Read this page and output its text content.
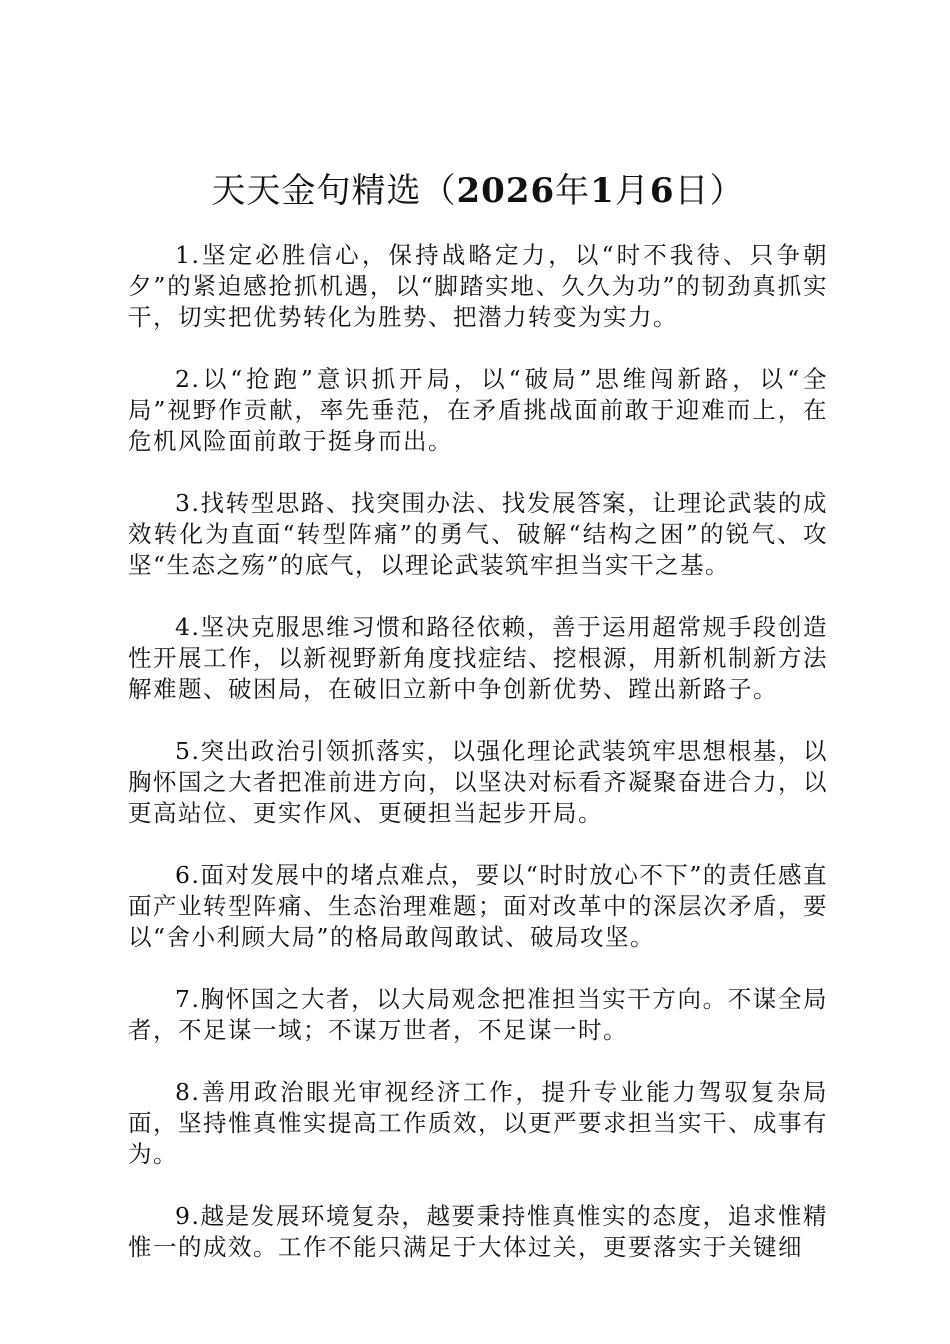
天天金句精选（2026年1月6日）

1.坚定必胜信心，保持战略定力，以“时不我待、只争朝夕”的紧迫感抢抓机遇，以“脚踏实地、久久为功”的韧劲真抓实干，切实把优势转化为胜势、把潜力转变为实力。

2.以“抢跑”意识抓开局，以“破局”思维闯新路，以“全局”视野作贡献，率先垂范，在矛盾挑战面前敢于迎难而上，在危机风险面前敢于挺身而出。

3.找转型思路、找突围办法、找发展答案，让理论武装的成效转化为直面“转型阵痛”的勇气、破解“结构之困”的锐气、攻坚“生态之殇”的底气，以理论武装筑牢担当实干之基。

4.坚决克服思维习惯和路径依赖，善于运用超常规手段创造性开展工作，以新视野新角度找症结、挖根源，用新机制新方法解难题、破困局，在破旧立新中争创新优势、蹚出新路子。

5.突出政治引领抓落实，以强化理论武装筑牢思想根基，以胸怀国之大者把准前进方向，以坚决对标看齐凝聚奋进合力，以更高站位、更实作风、更硬担当起步开局。

6.面对发展中的堵点难点，要以“时时放心不下”的责任感直面产业转型阵痛、生态治理难题；面对改革中的深层次矛盾，要以“舍小利顾大局”的格局敢闯敢试、破局攻坚。

7.胸怀国之大者，以大局观念把准担当实干方向。不谋全局者，不足谋一域；不谋万世者，不足谋一时。

8.善用政治眼光审视经济工作，提升专业能力驾驭复杂局面，坚持惟真惟实提高工作质效，以更严要求担当实干、成事有为。

9.越是发展环境复杂，越要秉持惟真惟实的态度，追求惟精惟一的成效。工作不能只满足于大体过关，更要落实于关键细
